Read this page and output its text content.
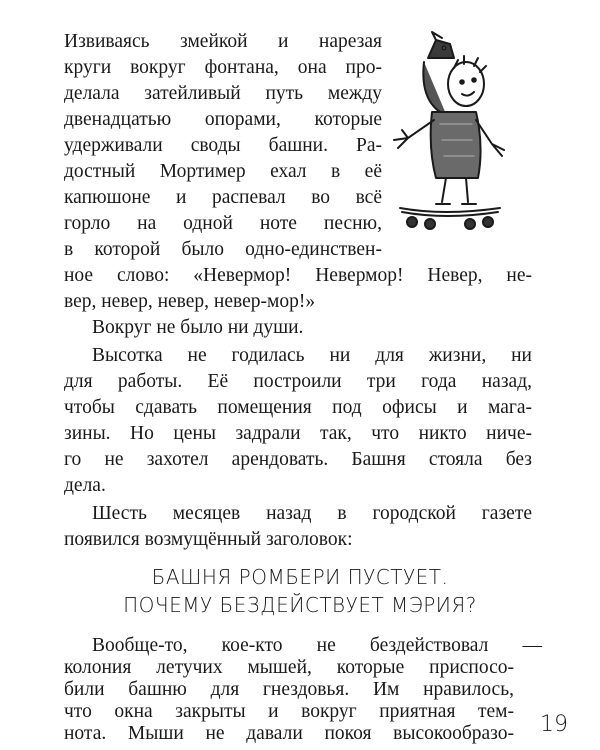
Извиваясь змейкой и нарезая
круги вокруг фонтана, она про-
делала затейливый путь между
двенадцатью опорами, которые
удерживали своды башни. Ра-
достный Мортимер ехал в её
капюшоне и распевал во всё
горло на одной ноте песню,
в которой было одно-единствен-
ное слово: «Невермор! Невермор! Невер, не-
вер, невер, невер, невер-мор!»
Вокруг не было ни души.
Высотка не годилась ни для жизни, ни
для работы. Её построили три года назад,
чтобы сдавать помещения под офисы и мага-
зины. Но цены задрали так, что никто ниче-
го не захотел арендовать. Башня стояла без
дела.
Шесть месяцев назад в городской газете
появился возмущённый заголовок:
БАШНЯ РОМБЕРИ ПУСТУЕТ.
ПОЧЕМУ БЕЗДЕЙСТВУЕТ МЭРИЯ?
Вообще-то, кое-кто не бездействовал —
колония летучих мышей, которые приспосо-
били башню для гнездовья. Им нравилось,
что окна закрыты и вокруг приятная тем-
19
нота. Мыши не давали покоя высокообразо-
